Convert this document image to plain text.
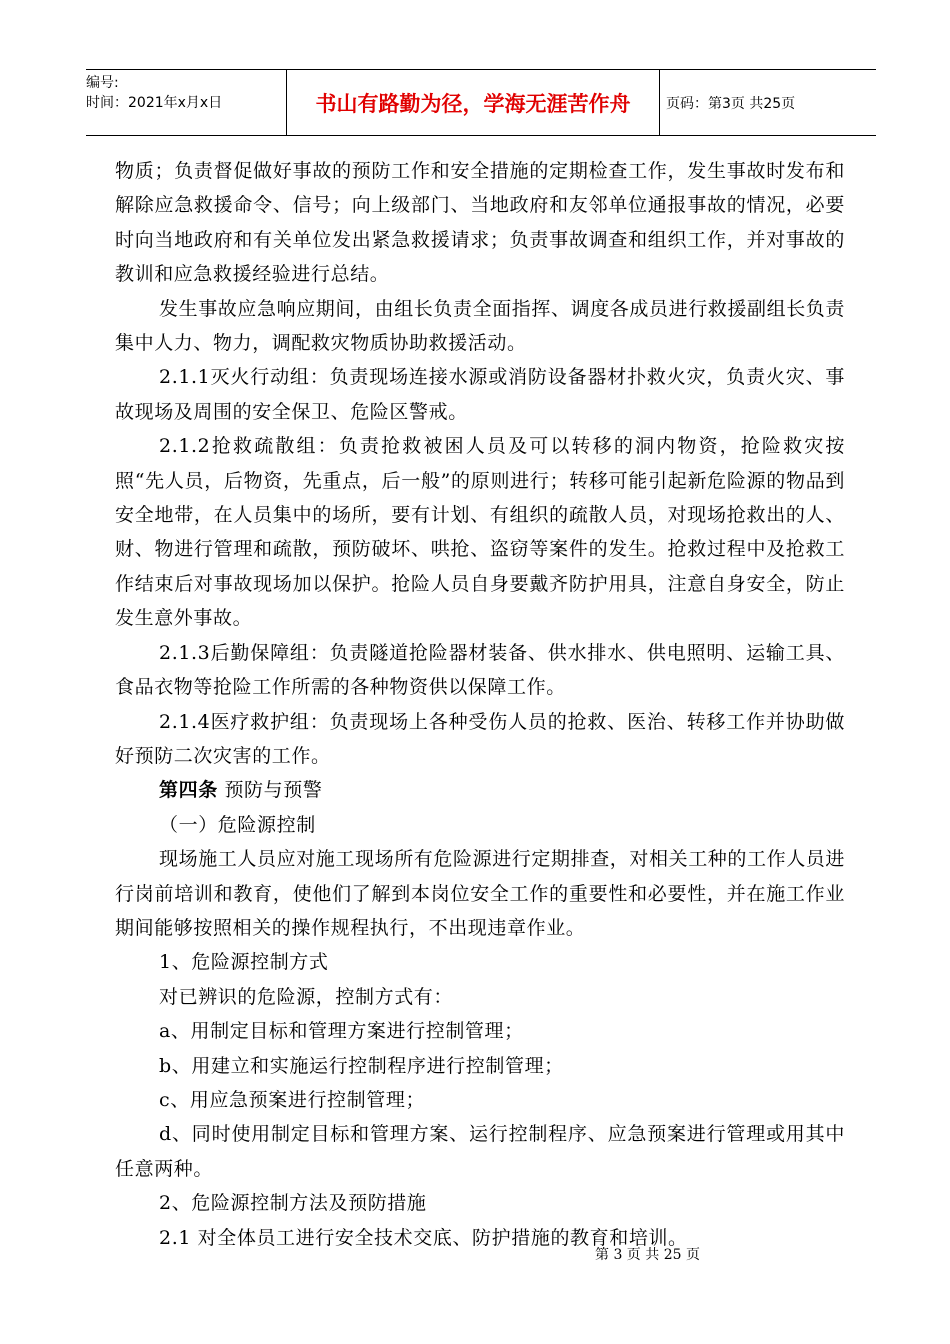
编号:
时间：2021年x月x日	书山有路勤为径，学海无涯苦作舟	页码：第3页 共25页

物质；负责督促做好事故的预防工作和安全措施的定期检查工作，发生事故时发布和解除应急救援命令、信号；向上级部门、当地政府和友邻单位通报事故的情况，必要时向当地政府和有关单位发出紧急救援请求；负责事故调查和组织工作，并对事故的教训和应急救援经验进行总结。

发生事故应急响应期间，由组长负责全面指挥、调度各成员进行救援副组长负责集中人力、物力，调配救灾物质协助救援活动。

2.1.1灭火行动组：负责现场连接水源或消防设备器材扑救火灾，负责火灾、事故现场及周围的安全保卫、危险区警戒。

2.1.2抢救疏散组：负责抢救被困人员及可以转移的洞内物资，抢险救灾按照“先人员，后物资，先重点，后一般”的原则进行；转移可能引起新危险源的物品到安全地带，在人员集中的场所，要有计划、有组织的疏散人员，对现场抢救出的人、财、物进行管理和疏散，预防破坏、哄抢、盗窃等案件的发生。抢救过程中及抢救工作结束后对事故现场加以保护。抢险人员自身要戴齐防护用具，注意自身安全，防止发生意外事故。

2.1.3后勤保障组：负责隧道抢险器材装备、供水排水、供电照明、运输工具、食品衣物等抢险工作所需的各种物资供以保障工作。

2.1.4医疗救护组：负责现场上各种受伤人员的抢救、医治、转移工作并协助做好预防二次灾害的工作。

第四条 预防与预警

（一）危险源控制

现场施工人员应对施工现场所有危险源进行定期排查，对相关工种的工作人员进行岗前培训和教育，使他们了解到本岗位安全工作的重要性和必要性，并在施工作业期间能够按照相关的操作规程执行，不出现违章作业。

1、危险源控制方式

对已辨识的危险源，控制方式有：

a、用制定目标和管理方案进行控制管理；

b、用建立和实施运行控制程序进行控制管理；

c、用应急预案进行控制管理；

d、同时使用制定目标和管理方案、运行控制程序、应急预案进行管理或用其中任意两种。

2、危险源控制方法及预防措施

2.1 对全体员工进行安全技术交底、防护措施的教育和培训。

第 3 页 共 25 页
